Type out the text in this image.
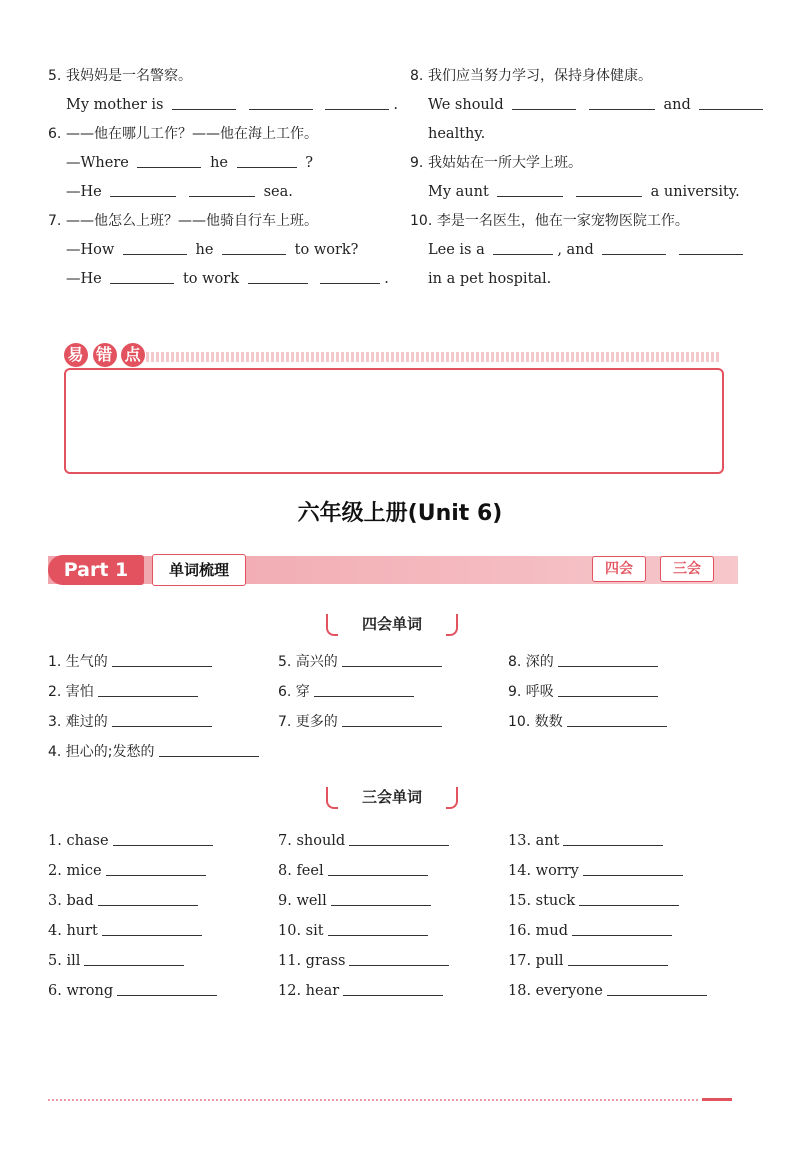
5. 我妈妈是一名警察。
My mother is	.
6. ——他在哪儿工作？——他在海上工作。
—Where	he	?
—He	sea.
7. ——他怎么上班？——他骑自行车上班。
—How	he	to work?
—He	to work	.
8. 我们应当努力学习，保持身体健康。
We should	and
healthy.
9. 我姑姑在一所大学上班。
My aunt	a university.
10. 李是一名医生，他在一家宠物医院工作。
Lee is a	, and
in a pet hospital.
易 错 点
六年级上册(Unit 6)
Part 1	单词梳理	四会	三会
四会单词
1. 生气的
2. 害怕
3. 难过的
4. 担心的;发愁的
5. 高兴的
6. 穿
7. 更多的
8. 深的
9. 呼吸
10. 数数
三会单词
1. chase
2. mice
3. bad
4. hurt
5. ill
6. wrong
7. should
8. feel
9. well
10. sit
11. grass
12. hear
13. ant
14. worry
15. stuck
16. mud
17. pull
18. everyone
